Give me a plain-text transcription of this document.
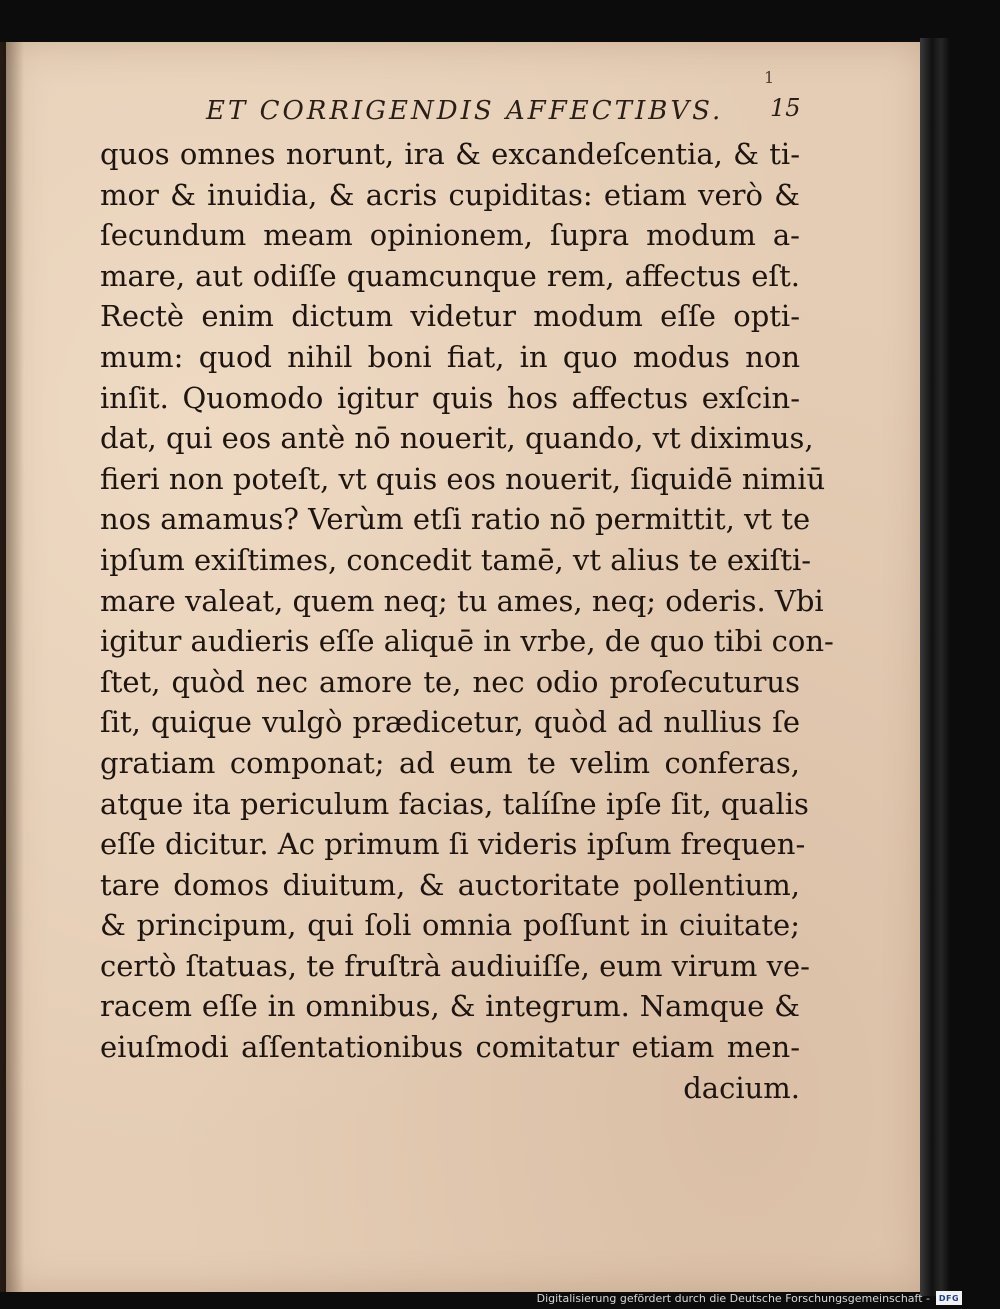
1
ET CORRIGENDIS AFFECTIBVS. 15
quos omnes norunt, ira & excandeſcentia, & ti-
mor & inuidia, & acris cupiditas: etiam verò &
ſecundum meam opinionem, ſupra modum a-
mare, aut odiſſe quamcunque rem, affectus eſt.
Rectè enim dictum videtur modum eſſe opti-
mum: quod nihil boni fiat, in quo modus non
inſit. Quomodo igitur quis hos affectus exſcin-
dat, qui eos antè nō nouerit, quando, vt diximus,
fieri non poteſt, vt quis eos nouerit, ſiquidē nimiū
nos amamus? Verùm etſi ratio nō permittit, vt te
ipſum exiſtimes, concedit tamē, vt alius te exiſti-
mare valeat, quem neq; tu ames, neq; oderis. Vbi
igitur audieris eſſe aliquē in vrbe, de quo tibi con-
ſtet, quòd nec amore te, nec odio proſecuturus
ſit, quique vulgò prædicetur, quòd ad nullius ſe
gratiam componat; ad eum te velim conferas,
atque ita periculum facias, talíſne ipſe ſit, qualis
eſſe dicitur. Ac primum ſi videris ipſum frequen-
tare domos diuitum, & auctoritate pollentium,
& principum, qui ſoli omnia poſſunt in ciuitate;
certò ſtatuas, te fruſtrà audiuiſſe, eum virum ve-
racem eſſe in omnibus, & integrum. Namque &
eiuſmodi aſſentationibus comitatur etiam men-
dacium.
Digitalisierung gefördert durch die Deutsche Forschungsgemeinschaft -	DFG
